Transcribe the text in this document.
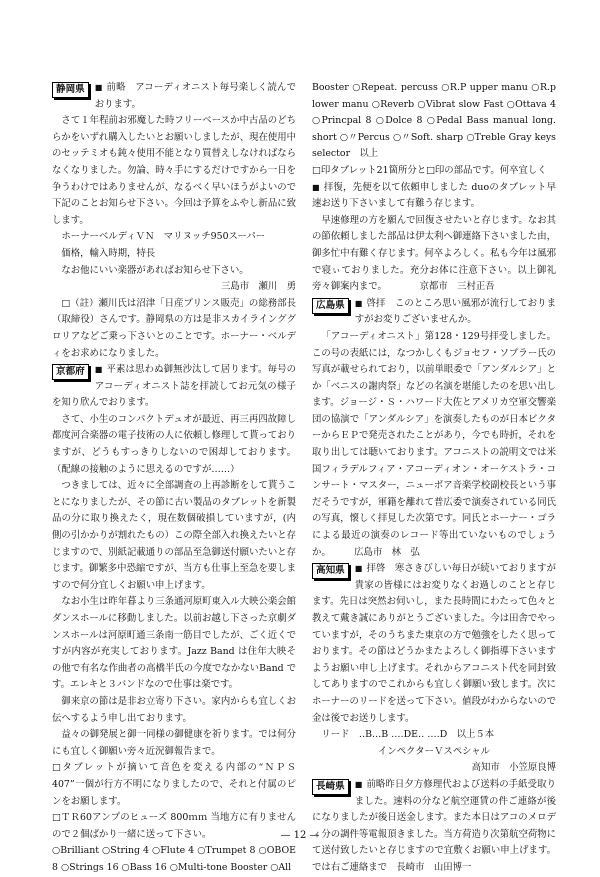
静岡県	■ 前略　アコーディオニスト毎号楽しく読んでおります。

さて１年程前お邪魔した時フリーベースか中古品のどちらかをいずれ購入したいとお願いしましたが、現在使用中のセッテミオも鈍々使用不能となり買替えしなければならなくなりました。勿論、時々手にするだけですから一日を争うわけではありませんが、なるべく早いほうがよいので下記のことお知らせ下さい。今回は予算をふやし新品に致します。

ホーナーベルディＶＮ　マリヌッチ950スーパー

価格，輸入時期，特長

なお他にいい楽器があればお知らせ下さい。

三島市　瀬川　勇

□（註）瀬川氏は沼津「日産プリンス販売」の総務部長（取締役）さんです。静岡県の方は是非スカイラインググロリアなどご乗っ下さいとのことです。ホーナー・ベルディをお求めになりました。

京都府	■ 平素は思わぬ御無沙汰して居ります。毎号のアコーディオニスト誌を拝読してお元気の様子を知り欣んでおります。

さて、小生のコンパクトデュオが最近、再三再四故障し都度河合楽器の電子技術の人に依頼し修理して貰っておりますが、どうもすっきりしないので困却しております。（配線の接触のように思えるのですが……）

つきましては、近々に全部調査の上再診断をして貰うことになりましたが、その節に古い製品のタブレットを新製品の分に取り換えたく，現在数個破損していますが，(内側の引かかりが割れたもの）この際全部入れ換えたいと存じますので、別紙記載通りの部品至急御送付願いたいと存じます。御繁多中恐縮ですが、当方も仕事上至急を要しますので何分宜しくお願い申上げます。

なお小生は昨年暮より三条通河原町東入ル大映公楽会館ダンスホールに移動しました。以前お越し下さった京劇ダンスホールは河原町通三条南一筋目でしたが、ごく近くですが内容が充実しております。Jazz Band は住年大映その他で有名な作曲者の高橋半氏の今度でなかないBand です。エレキと３バンドなので仕事は楽です。

御来京の節は是非お立寄り下さい。家内からも宜しくお伝へするよう申し出ております。

益々の御発展と御一同様の御健康を祈ります。では何分にも宜しく御願い旁々近況御報告まで。

□タブレットが摘いて音色を変える内部の“ＮＰＳ 407”一個が行方不明になりましたので、それと付属のピンをお願します。

□ＴＲ60アンプのヒューズ 800ｍｍ 当地方に有りませんので２個ばかり一緒に送って下さい。

○Brilliant ○String 4 ○Flute 4 ○Trumpet 8 ○OBOE 8 ○Strings 16 ○Bass 16 ○Multi-tone Booster ○All

Booster ○Repeat. percuss ○R.P upper manu ○R.p lower manu ○Reverb ○Vibrat slow Fast ○Ottava 4 ○Princpal 8 ○Dolce 8 ○Pedal Bass manual long. short ○〃Percus ○〃Soft. sharp ○Treble Gray keys selector　以上

□印タブレット21箇所分と□印の部品です。何卒宜しく

■ 拝復，先便を以て依頼申しました duoのタブレット早速お送り下さいまして有難う存じます。

早速修理の方を願んで回復させたいと存じます。なお其の節依頼しました部品は伊太利へ御連絡下さいました由，御多忙中有難く存じます。何卒よろしく。私も今年は風邪で寝ぃておりました。充分お体に注意下さい。以上御礼旁々御案内まで。　　　　京都市　三村正吾

広島県	■ 啓拝　このところ思い風邪が流行しておりますがお変りございませんか。

「アコーディオニスト」第128・129号拝受しました。この号の表紙には，なつかしくもジョセフ・ソプラー氏の写真が載せられており，以前単眼委で「アンダルシア」とか「ベニスの謝肉祭」などの名演を堪能したのを思い出します。ジョージ・Ｓ・ハワード大佐とアメリカ空軍交響楽団の協演で「アンダルシア」を演奏したものが日本ビクターからＥＰで発売されたことがあり，今でも時折，それを取り出しては聴いております。アコニストの説明文では米国フィラデルフィア・アコーディオン・オーケストラ・コンサート・マスター，ニューボア音楽学校副校長という事だそうですが，軍籍を離れて普広委で演奏されている同氏の写真，懐しく拝見した次第です。同氏とホーナー・ゴラによる最近の演奏のレコード等出ていないものでしょうか。　　　広島市　林　弘

高知県	■ 拝啓　寒さきびしい毎日が続いておりますが貴家の皆様にはお変りなくお過しのことと存じます。先日は突然お伺いし，また長時間にわたって色々と教えて戴き誠にありがとうございました。今は田舎でやっていますが，そのうちまた東京の方で勉強をしたく思っております。その節はどうかまたよろしく御指導下さいますようお願い申し上げます。それからアコニスト代を同封致してありますのでこれからも宜しく御願い致します。次にホーナーのリードを送って下さい。値段がわからないので金は後でお送りします。

リード　‥B.‥B ‥‥DE‥ ‥‥D　以上５本

インペクターＶスペシャル

高知市　小笠原良博

長崎県	■ 前略昨日夕方修理代および送料の手紙受取りました。速料の分など航空運賃の件ご連絡が後になりましたが後日送金します。また本日はアコのメロディ分の調件等電報頂きました。当方荷造り次第航空荷物にて送付致したいと存じますので宜敷くお願い申上げます。では右ご連絡まで　長崎市　山田博一

— 12 —
